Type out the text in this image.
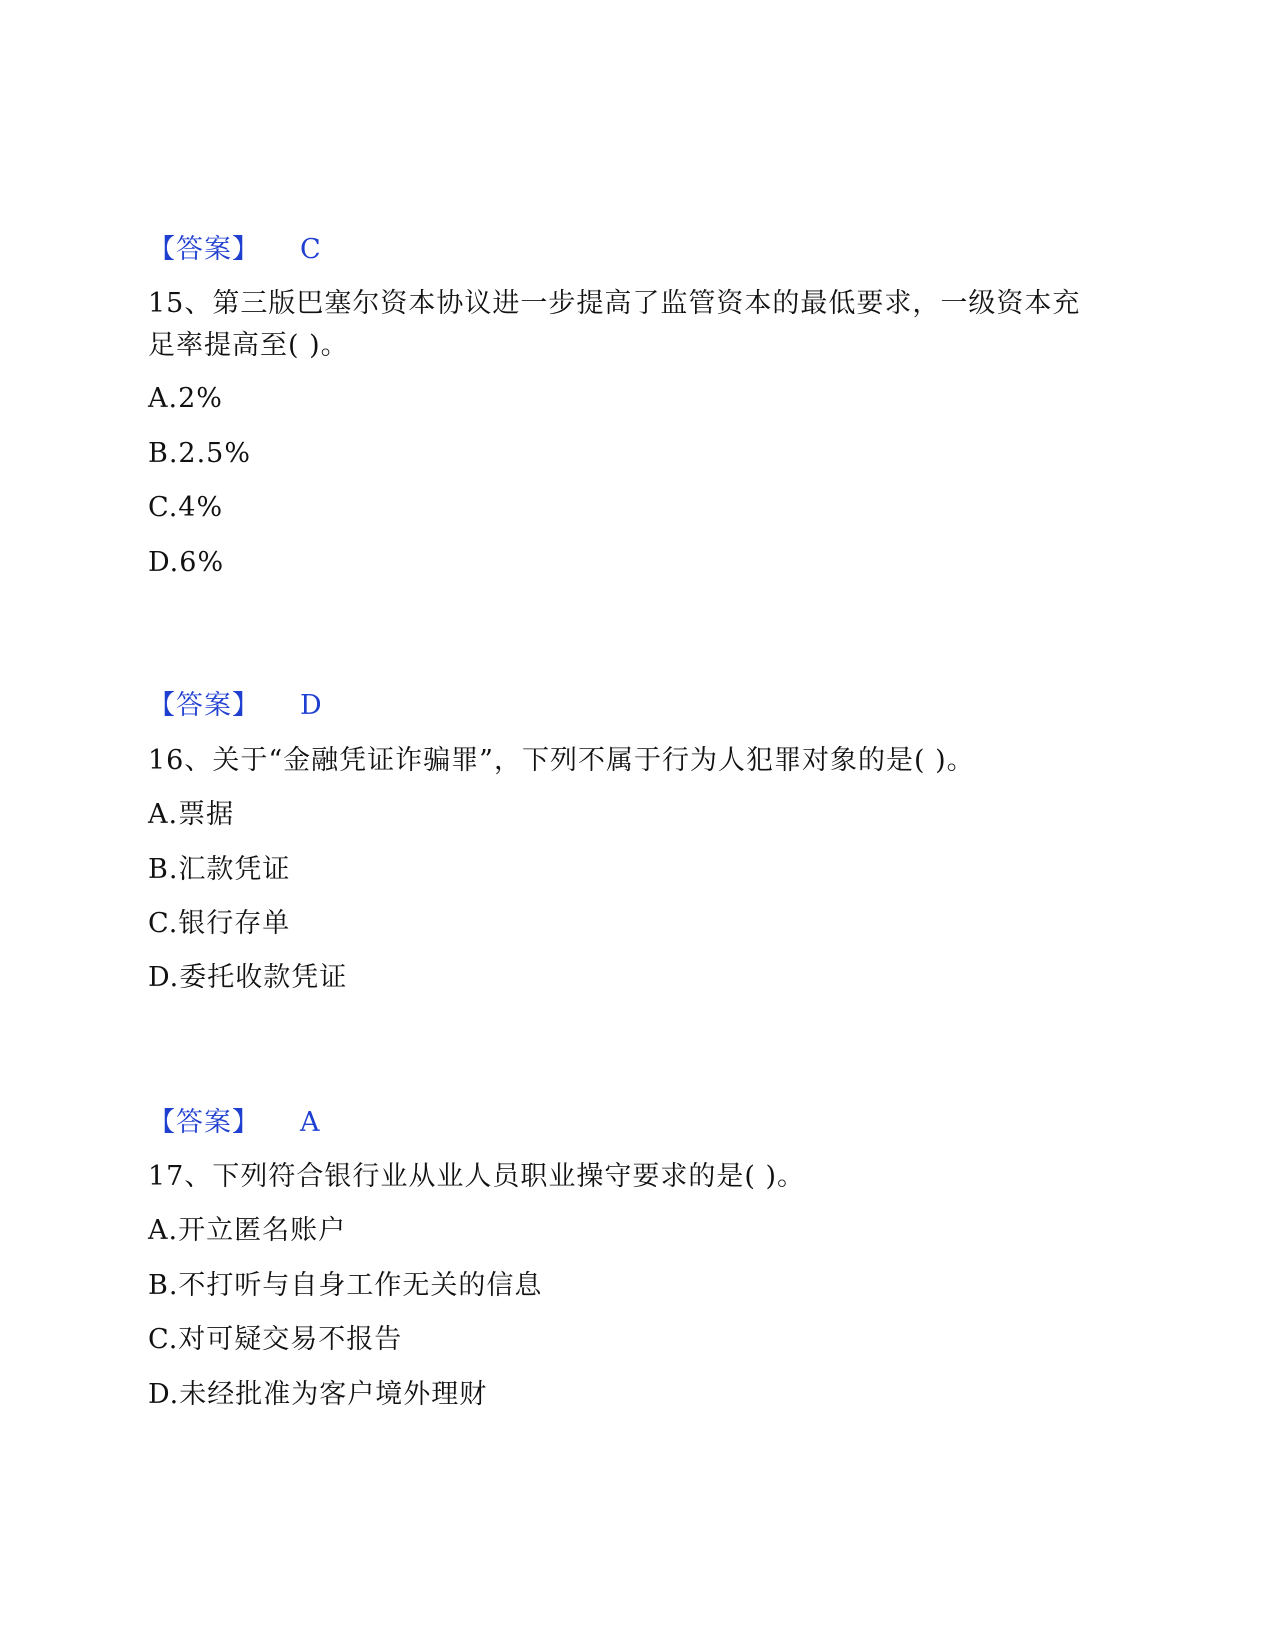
【答案】 C
15、第三版巴塞尔资本协议进一步提高了监管资本的最低要求，一级资本充
足率提高至( )。
A.2%
B.2.5%
C.4%
D.6%
【答案】 D
16、关于“金融凭证诈骗罪”，下列不属于行为人犯罪对象的是( )。
A.票据
B.汇款凭证
C.银行存单
D.委托收款凭证
【答案】 A
17、下列符合银行业从业人员职业操守要求的是( )。
A.开立匿名账户
B.不打听与自身工作无关的信息
C.对可疑交易不报告
D.未经批准为客户境外理财
